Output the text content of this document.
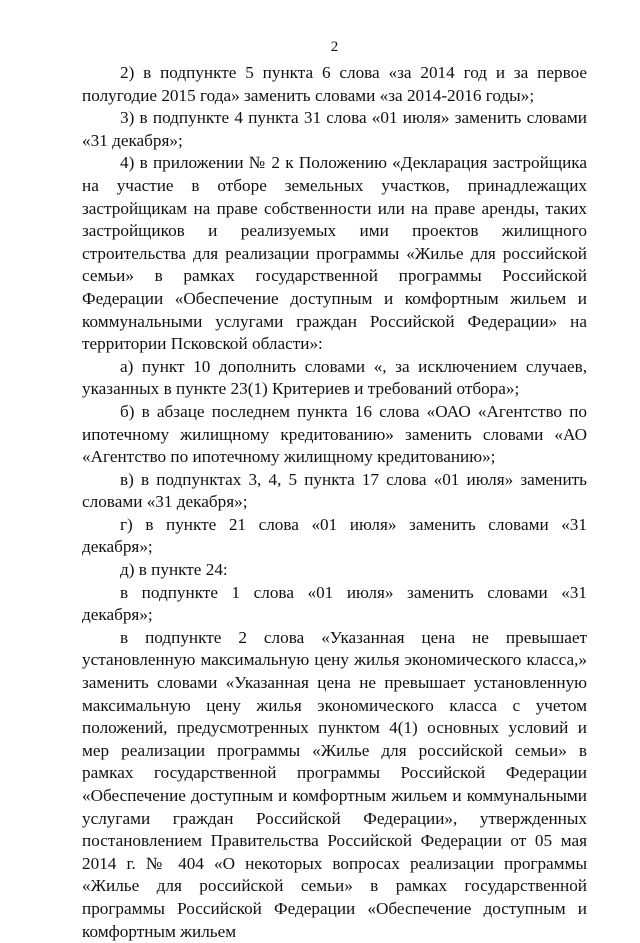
2

2) в подпункте 5 пункта 6 слова «за 2014 год и за первое полугодие 2015 года» заменить словами «за 2014-2016 годы»;

3) в подпункте 4 пункта 31 слова «01 июля» заменить словами «31 декабря»;

4) в приложении № 2 к Положению «Декларация застройщика на участие в отборе земельных участков, принадлежащих застройщикам на праве собственности или на праве аренды, таких застройщиков и реализуемых ими проектов жилищного строительства для реализации программы «Жилье для российской семьи» в рамках государственной программы Российской Федерации «Обеспечение доступным и комфортным жильем и коммунальными услугами граждан Российской Федерации» на территории Псковской области»:

а) пункт 10 дополнить словами «, за исключением случаев, указанных в пункте 23(1) Критериев и требований отбора»;

б) в абзаце последнем пункта 16 слова «ОАО «Агентство по ипотечному жилищному кредитованию» заменить словами «АО «Агентство по ипотечному жилищному кредитованию»;

в) в подпунктах 3, 4, 5 пункта 17 слова «01 июля» заменить словами «31 декабря»;

г) в пункте 21 слова «01 июля» заменить словами «31 декабря»;

д) в пункте 24:

в подпункте 1 слова «01 июля» заменить словами «31 декабря»;

в подпункте 2 слова «Указанная цена не превышает установленную максимальную цену жилья экономического класса,» заменить словами «Указанная цена не превышает установленную максимальную цену жилья экономического класса с учетом положений, предусмотренных пунктом 4(1) основных условий и мер реализации программы «Жилье для российской семьи» в рамках государственной программы Российской Федерации «Обеспечение доступным и комфортным жильем и коммунальными услугами граждан Российской Федерации», утвержденных постановлением Правительства Российской Федерации от 05 мая 2014 г. № 404 «О некоторых вопросах реализации программы «Жилье для российской семьи» в рамках государственной программы Российской Федерации «Обеспечение доступным и комфортным жильем
